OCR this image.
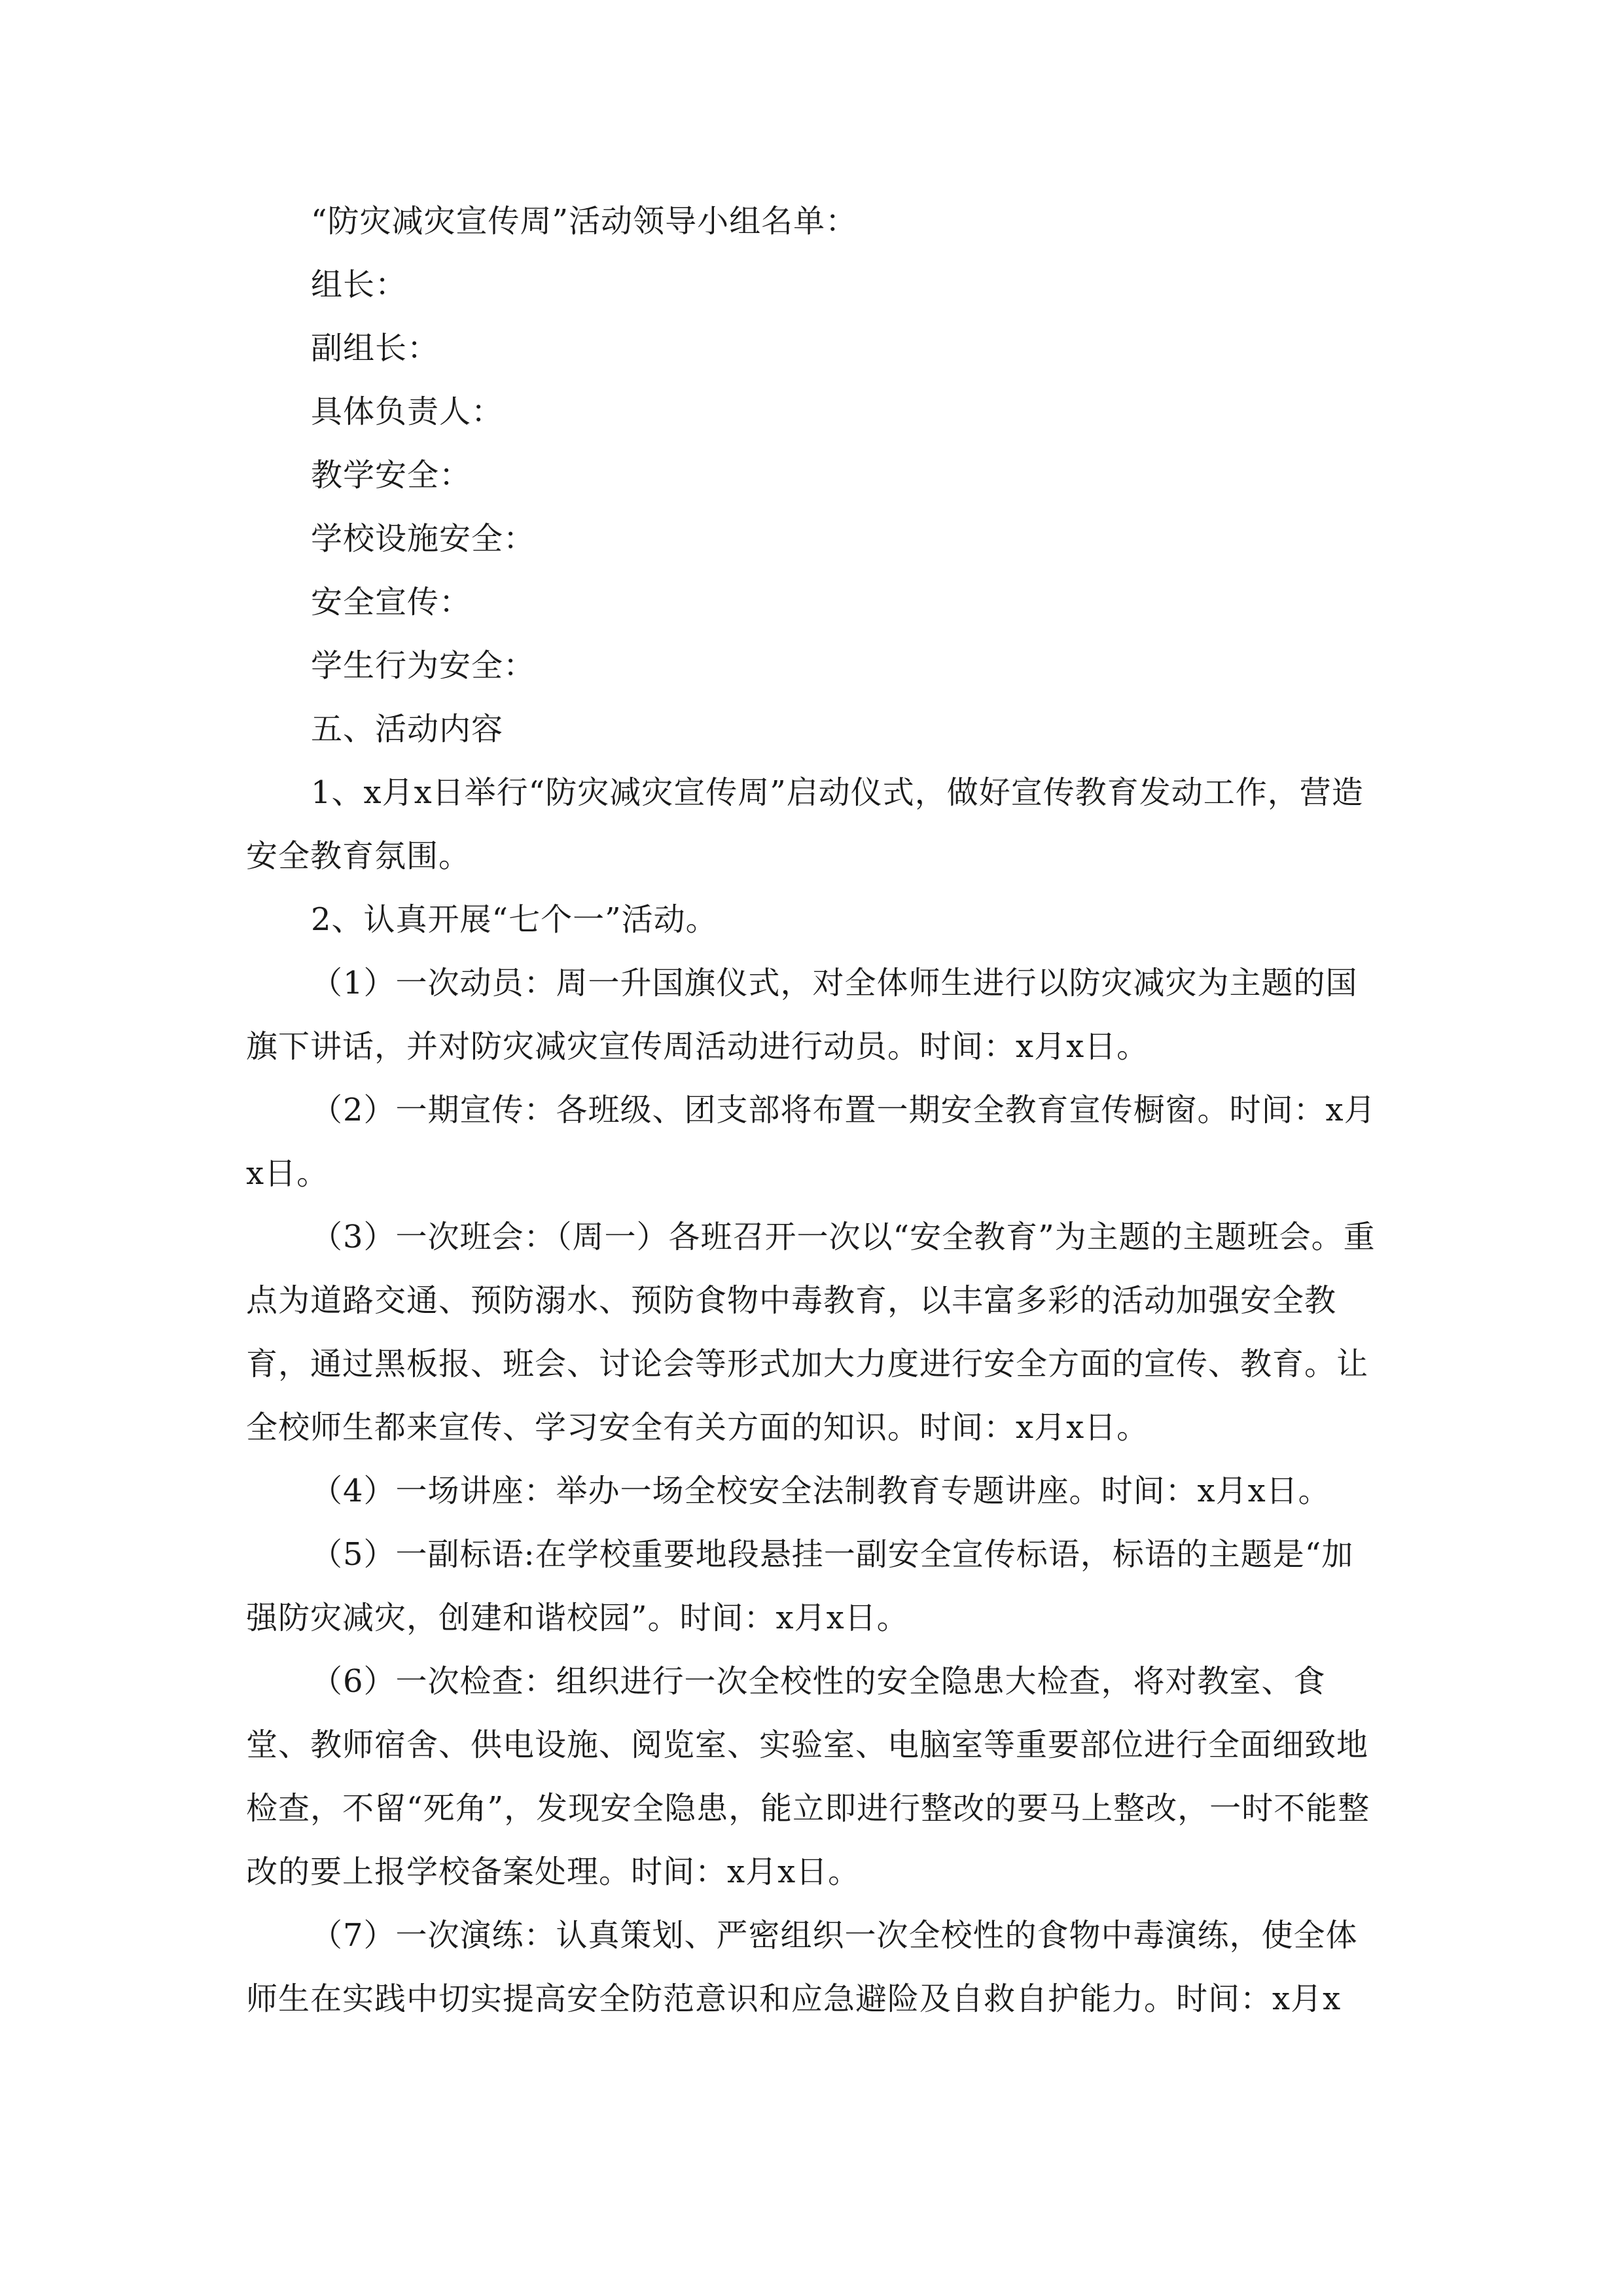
“防灾减灾宣传周”活动领导小组名单：

组长：

副组长：

具体负责人：

教学安全：

学校设施安全：

安全宣传：

学生行为安全：

五、活动内容

1、x月x日举行“防灾减灾宣传周”启动仪式，做好宣传教育发动工作，营造安全教育氛围。

2、认真开展“七个一”活动。

（1）一次动员：周一升国旗仪式，对全体师生进行以防灾减灾为主题的国旗下讲话，并对防灾减灾宣传周活动进行动员。时间：x月x日。

（2）一期宣传：各班级、团支部将布置一期安全教育宣传橱窗。时间：x月x日。

（3）一次班会：（周一）各班召开一次以“安全教育”为主题的主题班会。重点为道路交通、预防溺水、预防食物中毒教育，以丰富多彩的活动加强安全教育，通过黑板报、班会、讨论会等形式加大力度进行安全方面的宣传、教育。让全校师生都来宣传、学习安全有关方面的知识。时间：x月x日。

（4）一场讲座：举办一场全校安全法制教育专题讲座。时间：x月x日。

（5）一副标语:在学校重要地段悬挂一副安全宣传标语，标语的主题是“加强防灾减灾，创建和谐校园”。时间：x月x日。

（6）一次检查：组织进行一次全校性的安全隐患大检查，将对教室、食堂、教师宿舍、供电设施、阅览室、实验室、电脑室等重要部位进行全面细致地检查，不留“死角”，发现安全隐患，能立即进行整改的要马上整改，一时不能整改的要上报学校备案处理。时间：x月x日。

（7）一次演练：认真策划、严密组织一次全校性的食物中毒演练，使全体师生在实践中切实提高安全防范意识和应急避险及自救自护能力。时间：x月x
